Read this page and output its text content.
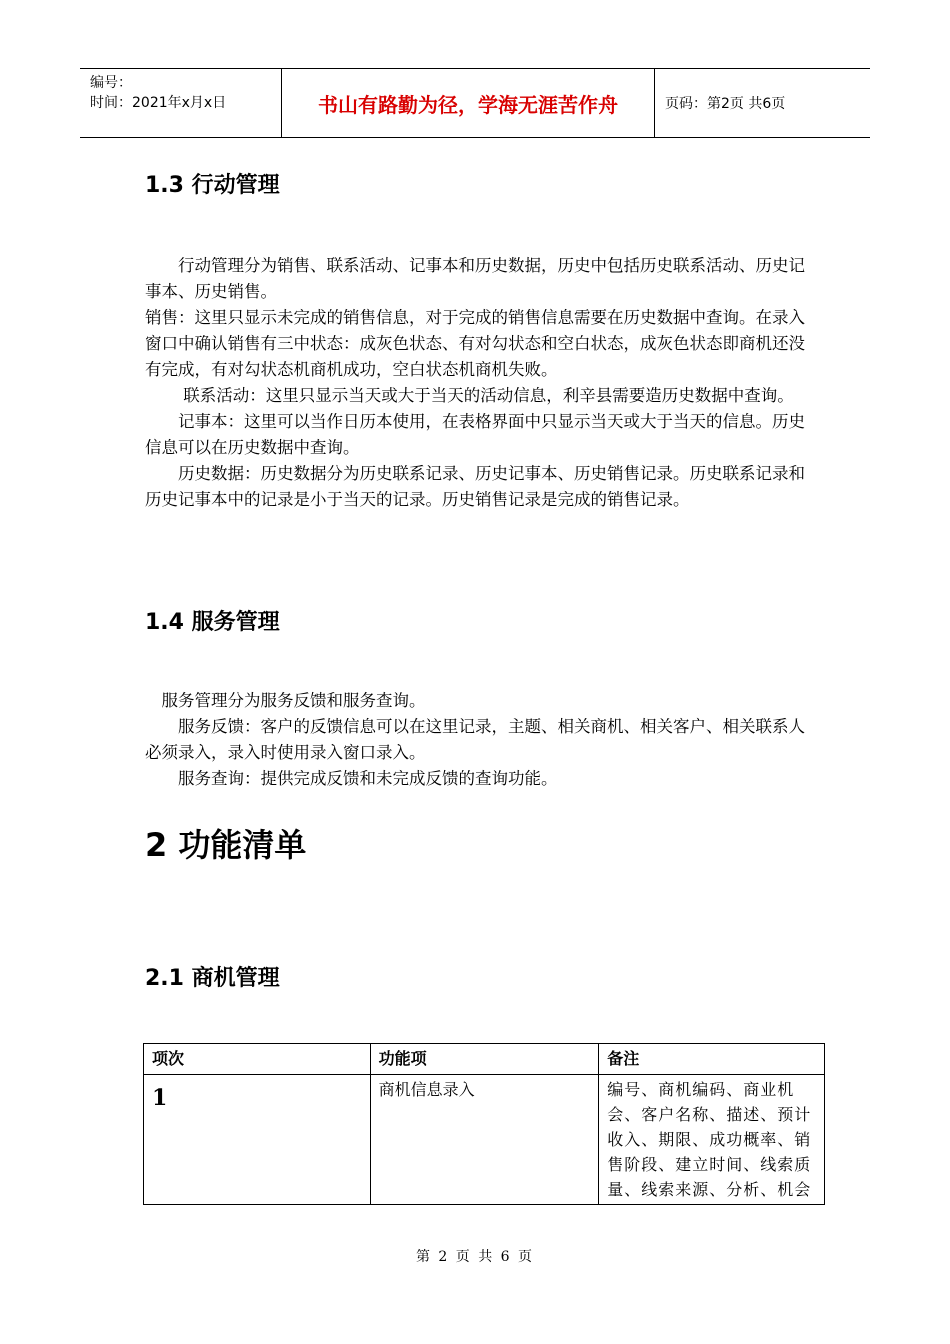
编号：
时间：2021年x月x日	书山有路勤为径，学海无涯苦作舟	页码：第2页 共6页
1.3 行动管理

　　行动管理分为销售、联系活动、记事本和历史数据，历史中包括历史联系活动、历史记事本、历史销售。

销售：这里只显示未完成的销售信息，对于完成的销售信息需要在历史数据中查询。在录入窗口中确认销售有三中状态：成灰色状态、有对勾状态和空白状态，成灰色状态即商机还没有完成，有对勾状态机商机成功，空白状态机商机失败。

　　 联系活动：这里只显示当天或大于当天的活动信息，利辛县需要造历史数据中查询。

　　记事本：这里可以当作日历本使用，在表格界面中只显示当天或大于当天的信息。历史信息可以在历史数据中查询。

　　历史数据：历史数据分为历史联系记录、历史记事本、历史销售记录。历史联系记录和历史记事本中的记录是小于当天的记录。历史销售记录是完成的销售记录。

1.4 服务管理

　服务管理分为服务反馈和服务查询。

　　服务反馈：客户的反馈信息可以在这里记录，主题、相关商机、相关客户、相关联系人必须录入，录入时使用录入窗口录入。

　　服务查询：提供完成反馈和未完成反馈的查询功能。

2 功能清单
2.1 商机管理
项次	功能项	备注
1	商机信息录入	编号、商机编码、商业机会、客户名称、描述、预计收入、期限、成功概率、销售阶段、建立时间、线索质量、线索来源、分析、机会
第 2 页 共 6 页
